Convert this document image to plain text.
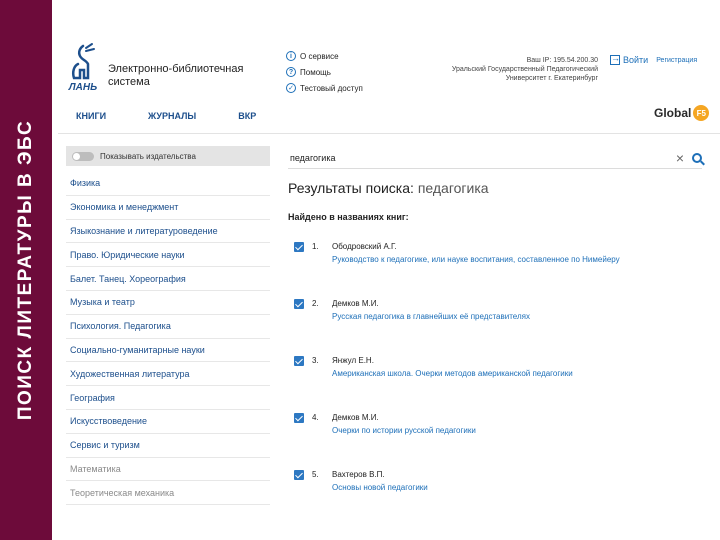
ПОИСК ЛИТЕРАТУРЫ В ЭБС
ЛАНЬ
Электронно-библиотечная система
i	О сервисе
? Помощь
✓ Тестовый доступ
Ваш IP: 195.54.200.30
Уральский Государственный Педагогический
Университет г. Екатеринбург
→
Войти Регистрация
КНИГИ	ЖУРНАЛЫ	ВКР	Global F5
Показывать издательства
Физика
Экономика и менеджмент
Языкознание и литературоведение
Право. Юридические науки
Балет. Танец. Хореография
Музыка и театр
Психология. Педагогика
Социально-гуманитарные науки
Художественная литература
География
Искусствоведение
Сервис и туризм
Математика
Теоретическая механика
педагогика
×
Результаты поиска: педагогика
Найдено в названиях книг:
1. Ободровский А.Г.
Руководство к педагогике, или науке воспитания, составленное по Нимейеру
2. Демков М.И.
Русская педагогика в главнейших её представителях
3. Янжул Е.Н.
Американская школа. Очерки методов американской педагогики
4. Демков М.И.
Очерки по истории русской педагогики
5. Вахтеров В.П.
Основы новой педагогики
